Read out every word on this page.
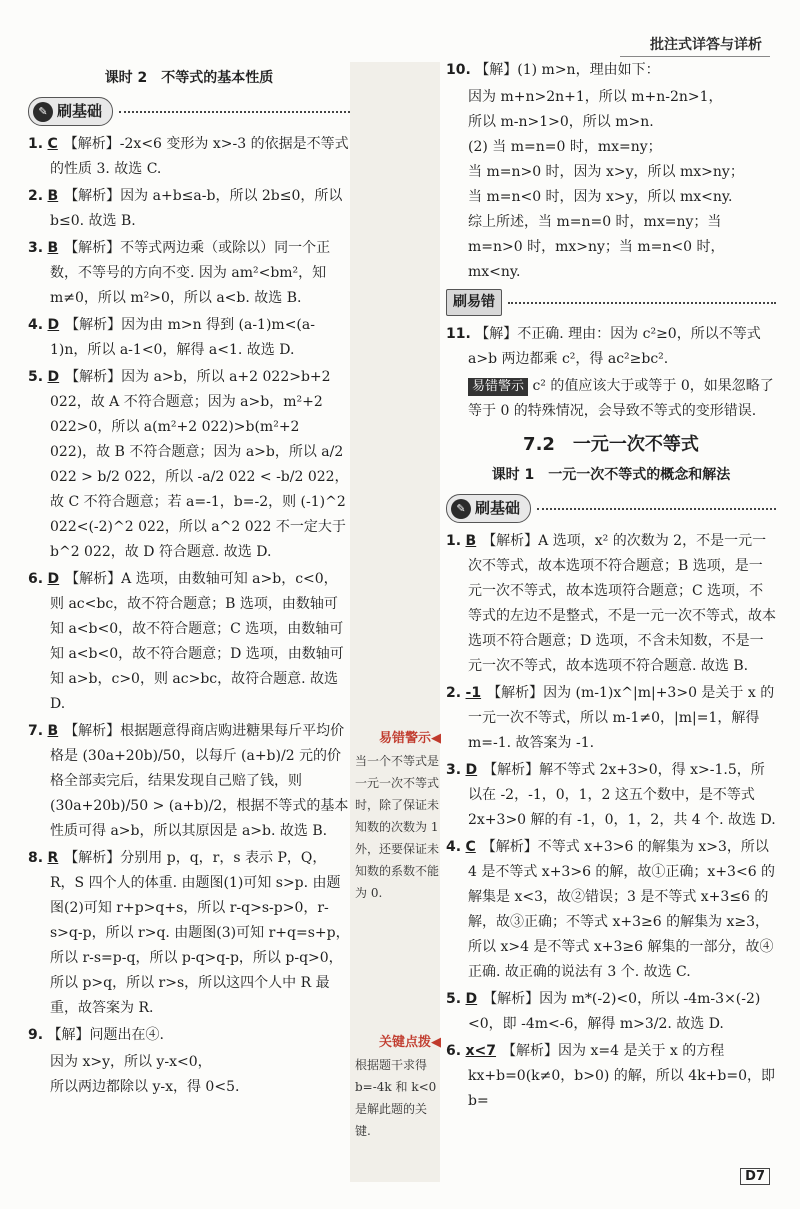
批注式详答与详析
课时 2　不等式的基本性质
✎ 刷基础

1. C 【解析】-2x<6 变形为 x>-3 的依据是不等式的性质 3. 故选 C.

2. B 【解析】因为 a+b≤a-b，所以 2b≤0，所以 b≤0. 故选 B.

3. B 【解析】不等式两边乘（或除以）同一个正数，不等号的方向不变. 因为 am²<bm²，知 m≠0，所以 m²>0，所以 a<b. 故选 B.

4. D 【解析】因为由 m>n 得到 (a-1)m<(a-1)n，所以 a-1<0，解得 a<1. 故选 D.

5. D 【解析】因为 a>b，所以 a+2 022>b+2 022，故 A 不符合题意；因为 a>b，m²+2 022>0，所以 a(m²+2 022)>b(m²+2 022)，故 B 不符合题意；因为 a>b，所以 a/2 022 > b/2 022，所以 -a/2 022 < -b/2 022，故 C 不符合题意；若 a=-1，b=-2，则 (-1)^2 022<(-2)^2 022，所以 a^2 022 不一定大于 b^2 022，故 D 符合题意. 故选 D.

6. D 【解析】A 选项，由数轴可知 a>b，c<0，则 ac<bc，故不符合题意；B 选项，由数轴可知 a<b<0，故不符合题意；C 选项，由数轴可知 a<b<0，故不符合题意；D 选项，由数轴可知 a>b，c>0，则 ac>bc，故符合题意. 故选 D.

7. B 【解析】根据题意得商店购进糖果每斤平均价格是 (30a+20b)/50，以每斤 (a+b)/2 元的价格全部卖完后，结果发现自己赔了钱，则 (30a+20b)/50 > (a+b)/2，根据不等式的基本性质可得 a>b，所以其原因是 a>b. 故选 B.

8. R 【解析】分别用 p，q，r，s 表示 P，Q，R，S 四个人的体重. 由题图(1)可知 s>p. 由题图(2)可知 r+p>q+s，所以 r-q>s-p>0，r-s>q-p，所以 r>q. 由题图(3)可知 r+q=s+p，所以 r-s=p-q，所以 p-q>q-p，所以 p-q>0，所以 p>q，所以 r>s，所以这四个人中 R 最重，故答案为 R.

9. 【解】问题出在④.

因为 x>y，所以 y-x<0，

所以两边都除以 y-x，得 0<5.

易错警示◀
当一个不等式是一元一次不等式时，除了保证未知数的次数为 1 外，还要保证未知数的系数不能为 0.
关键点拨◀
根据题干求得 b=-4k 和 k<0 是解此题的关键.

10. 【解】(1) m>n，理由如下：

因为 m+n>2n+1，所以 m+n-2n>1，

所以 m-n>1>0，所以 m>n.

(2) 当 m=n=0 时，mx=ny；

当 m=n>0 时，因为 x>y，所以 mx>ny；

当 m=n<0 时，因为 x>y，所以 mx<ny.

综上所述，当 m=n=0 时，mx=ny；当 m=n>0 时，mx>ny；当 m=n<0 时，mx<ny.

刷易错

11. 【解】不正确. 理由：因为 c²≥0，所以不等式 a>b 两边都乘 c²，得 ac²≥bc².

易错警示 c² 的值应该大于或等于 0，如果忽略了等于 0 的特殊情况，会导致不等式的变形错误.

7.2　一元一次不等式
课时 1　一元一次不等式的概念和解法
✎ 刷基础

1. B 【解析】A 选项，x² 的次数为 2，不是一元一次不等式，故本选项不符合题意；B 选项，是一元一次不等式，故本选项符合题意；C 选项，不等式的左边不是整式，不是一元一次不等式，故本选项不符合题意；D 选项，不含未知数，不是一元一次不等式，故本选项不符合题意. 故选 B.

2. -1 【解析】因为 (m-1)x^|m|+3>0 是关于 x 的一元一次不等式，所以 m-1≠0，|m|=1，解得 m=-1. 故答案为 -1.

3. D 【解析】解不等式 2x+3>0，得 x>-1.5，所以在 -2，-1，0，1，2 这五个数中，是不等式 2x+3>0 解的有 -1，0，1，2，共 4 个. 故选 D.

4. C 【解析】不等式 x+3>6 的解集为 x>3，所以 4 是不等式 x+3>6 的解，故①正确；x+3<6 的解集是 x<3，故②错误；3 是不等式 x+3≤6 的解，故③正确；不等式 x+3≥6 的解集为 x≥3，所以 x>4 是不等式 x+3≥6 解集的一部分，故④正确. 故正确的说法有 3 个. 故选 C.

5. D 【解析】因为 m*(-2)<0，所以 -4m-3×(-2)<0，即 -4m<-6，解得 m>3/2. 故选 D.

6. x<7 【解析】因为 x=4 是关于 x 的方程 kx+b=0(k≠0，b>0) 的解，所以 4k+b=0，即 b=

D7
